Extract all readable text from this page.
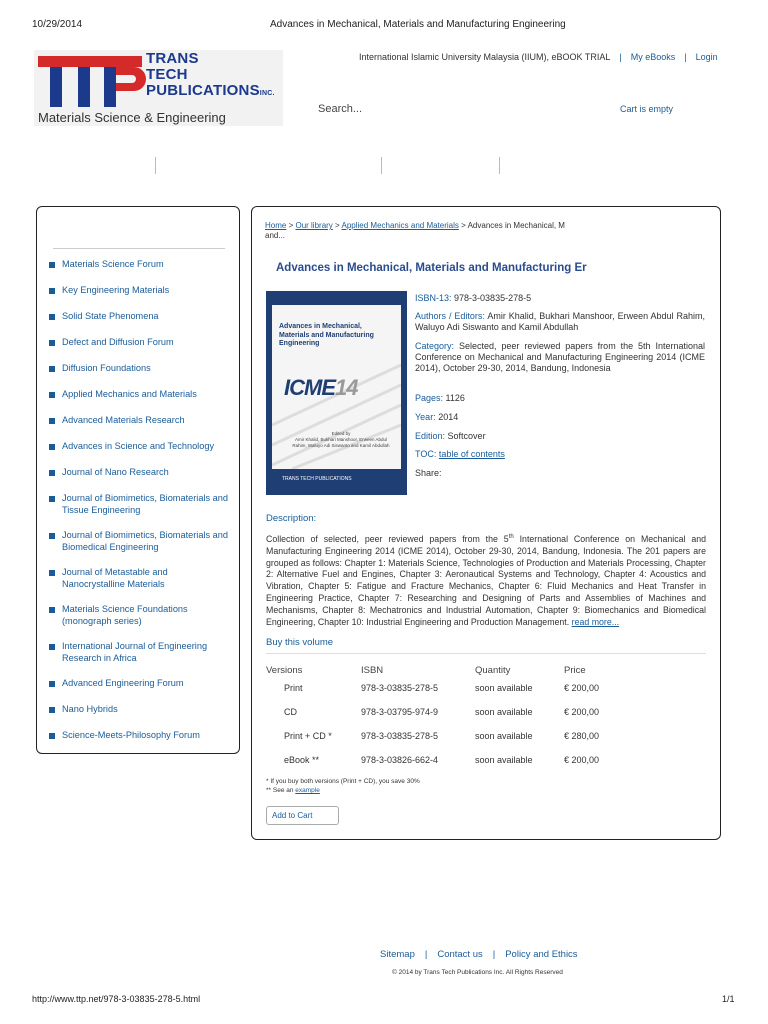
10/29/2014	Advances in Mechanical, Materials and Manufacturing Engineering
TRANS
TECH
PUBLICATIONSINC.
Materials Science & Engineering
International Islamic University Malaysia (IIUM), eBOOK TRIAL | My eBooks | Login
Search...
Cart is empty
Materials Science Forum
Key Engineering Materials
Solid State Phenomena
Defect and Diffusion Forum
Diffusion Foundations
Applied Mechanics and Materials
Advanced Materials Research
Advances in Science and Technology
Journal of Nano Research
Journal of Biomimetics, Biomaterials and Tissue Engineering
Journal of Biomimetics, Biomaterials and Biomedical Engineering
Journal of Metastable and Nanocrystalline Materials
Materials Science Foundations (monograph series)
International Journal of Engineering Research in Africa
Advanced Engineering Forum
Nano Hybrids
Science-Meets-Philosophy Forum
Home > Our library > Applied Mechanics and Materials > Advances in Mechanical, M
and...
Advances in Mechanical, Materials and Manufacturing Er
Advances in Mechanical, Materials and Manufacturing Engineering
ICME14
Edited by
Amir Khalid, Bukhari Manshoor, Erween Abdul Rahim, Waluyo Adi Siswanto and Kamil Abdullah
TRANS TECH PUBLICATIONS
ISBN-13: 978-3-03835-278-5
Authors / Editors: Amir Khalid, Bukhari Manshoor, Erween Abdul Rahim, Waluyo Adi Siswanto and Kamil Abdullah
Category: Selected, peer reviewed papers from the 5th International Conference on Mechanical and Manufacturing Engineering 2014 (ICME 2014), October 29-30, 2014, Bandung, Indonesia
Pages: 1126
Year: 2014
Edition: Softcover
TOC: table of contents
Share:
Description:
Collection of selected, peer reviewed papers from the 5th International Conference on Mechanical and Manufacturing Engineering 2014 (ICME 2014), October 29-30, 2014, Bandung, Indonesia. The 201 papers are grouped as follows: Chapter 1: Materials Science, Technologies of Production and Materials Processing, Chapter 2: Alternative Fuel and Engines, Chapter 3: Aeronautical Systems and Technology, Chapter 4: Acoustics and Vibration, Chapter 5: Fatigue and Fracture Mechanics, Chapter 6: Fluid Mechanics and Heat Transfer in Engineering Practice, Chapter 7: Researching and Designing of Parts and Assemblies of Machines and Mechanisms, Chapter 8: Mechatronics and Industrial Automation, Chapter 9: Biomechanics and Biomedical Engineering, Chapter 10: Industrial Engineering and Production Management. read more...
Buy this volume
Versions	ISBN	Quantity	Price
Print	978-3-03835-278-5	soon available	€ 200,00
CD	978-3-03795-974-9	soon available	€ 200,00
Print + CD *	978-3-03835-278-5	soon available	€ 280,00
eBook **	978-3-03826-662-4	soon available	€ 200,00
* If you buy both versions (Print + CD), you save 30%
** See an example
Add to Cart
Sitemap | Contact us | Policy and Ethics
© 2014 by Trans Tech Publications Inc. All Rights Reserved
http://www.ttp.net/978-3-03835-278-5.html	1/1
